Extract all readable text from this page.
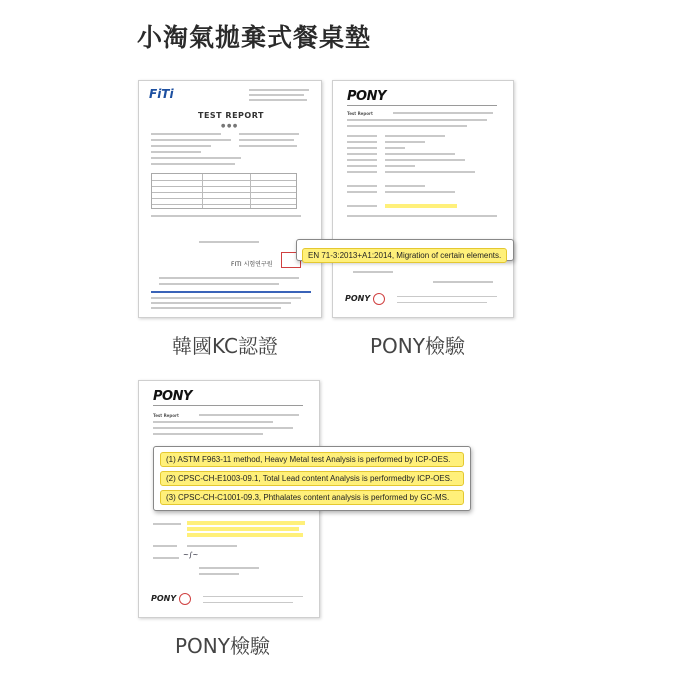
小淘氣拋棄式餐桌墊
FiTi
TEST REPORT
● ● ●
FITI 시험연구원
韓國KC認證
PONY
Test Report
PONY
PONY檢驗
EN 71-3:2013+A1:2014, Migration of certain elements.
PONY
Test Report
~∫~
PONY
PONY檢驗
(1) ASTM F963-11 method, Heavy Metal test Analysis is performed by ICP-OES.
(2) CPSC-CH-E1003-09.1, Total Lead content Analysis is performedby ICP-OES.
(3) CPSC-CH-C1001-09.3, Phthalates content analysis is performed by GC-MS.
